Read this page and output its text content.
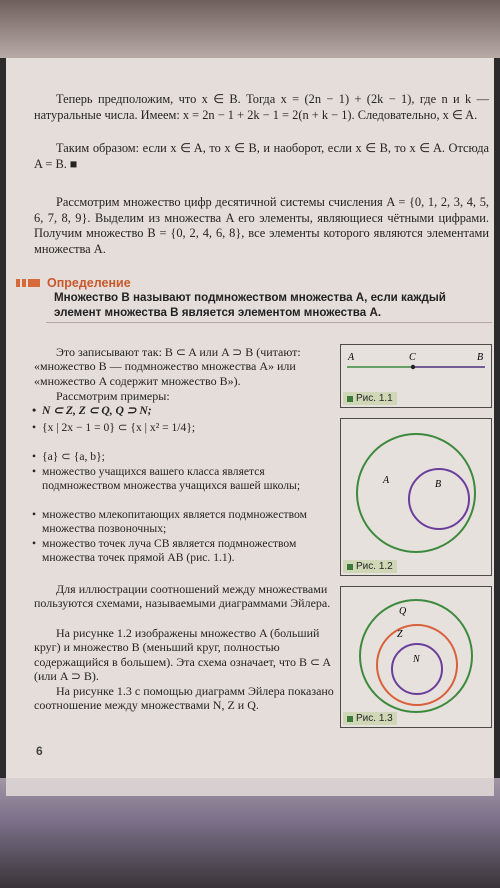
Теперь предположим, что x ∈ B. Тогда x = (2n − 1) + (2k − 1), где n и k — натуральные числа. Имеем: x = 2n − 1 + 2k − 1 = 2(n + k − 1). Следовательно, x ∈ A.
Таким образом: если x ∈ A, то x ∈ B, и наоборот, если x ∈ B, то x ∈ A. Отсюда A = B. ■
Рассмотрим множество цифр десятичной системы счисления A = {0, 1, 2, 3, 4, 5, 6, 7, 8, 9}. Выделим из множества A его элементы, являющиеся чётными цифрами. Получим множество B = {0, 2, 4, 6, 8}, все элементы которого являются элементами множества A.
Определение
Множество B называют подмножеством множества A, если каждый элемент множества B является элементом множества A.
Это записывают так: B ⊂ A или A ⊃ B (читают: «множество B — подмножество множества A» или «множество A содержит множество B»).
Рассмотрим примеры:
• N ⊂ Z, Z ⊂ Q, Q ⊃ N;
• {x | 2x − 1 = 0} ⊂ {x | x² = 1/4};
• {a} ⊂ {a, b};
• множество учащихся вашего класса является подмножеством множества учащихся вашей школы;
• множество млекопитающих является подмножеством множества позвоночных;
• множество точек луча CB является подмножеством множества точек прямой AB (рис. 1.1).
Для иллюстрации соотношений между множествами пользуются схемами, называемыми диаграммами Эйлера.
На рисунке 1.2 изображены множество A (больший круг) и множество B (меньший круг, полностью содержащийся в большем). Эта схема означает, что B ⊂ A (или A ⊃ B).
На рисунке 1.3 с помощью диаграмм Эйлера показано соотношение между множествами N, Z и Q.
A	C	B
Рис. 1.1
A	B
Рис. 1.2
Q
Z
N
Рис. 1.3
6
